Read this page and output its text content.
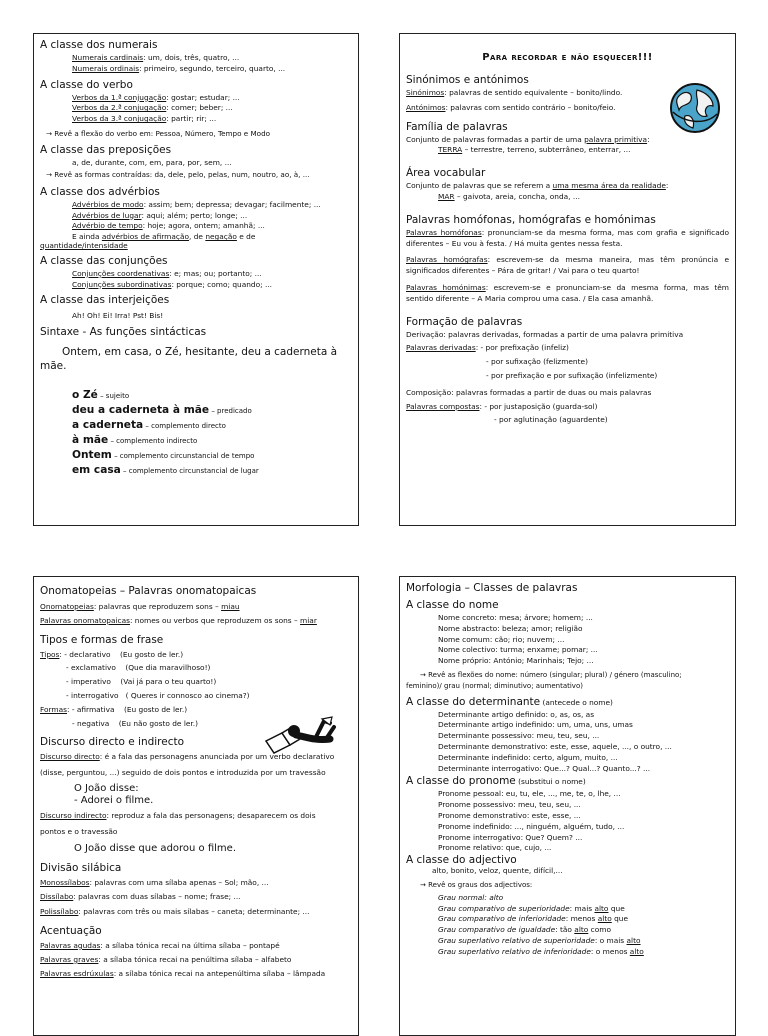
A classe dos numerais

Numerais cardinais: um, dois, três, quatro, ...

Numerais ordinais: primeiro, segundo, terceiro, quarto, ...

A classe do verbo

Verbos da 1.ª conjugação: gostar; estudar; ...

Verbos da 2.ª conjugação: comer; beber; ...

Verbos da 3.ª conjugação: partir; rir; ...

→ Revê a flexão do verbo em: Pessoa, Número, Tempo e Modo

A classe das preposições

a, de, durante, com, em, para, por, sem, ...

→ Revê as formas contraídas: da, dele, pelo, pelas, num, noutro, ao, à, ...

A classe dos advérbios

Advérbios de modo: assim; bem; depressa; devagar; facilmente; ...

Advérbios de lugar: aqui; além; perto; longe; ...

Advérbio de tempo: hoje; agora, ontem; amanhã; ...

E ainda advérbios de afirmação, de negação e de

quantidade/intensidade

A classe das conjunções

Conjunções coordenativas: e; mas; ou; portanto; ...

Conjunções subordinativas: porque; como; quando; ...

A classe das interjeições

Ah! Oh! Ei! Irra! Pst! Bis!

Sintaxe - As funções sintácticas

Ontem, em casa, o Zé, hesitante, deu a caderneta à mãe.

o Zé – sujeito

deu a caderneta à mãe – predicado

a caderneta – complemento directo

à mãe – complemento indirecto

Ontem – complemento circunstancial de tempo

em casa – complemento circunstancial de lugar

Para recordar e não esquecer!!!

Sinónimos e antónimos

Sinónimos: palavras de sentido equivalente – bonito/lindo.

Antónimos: palavras com sentido contrário – bonito/feio.

Família de palavras

Conjunto de palavras formadas a partir de uma palavra primitiva:

TERRA – terrestre, terreno, subterrâneo, enterrar, ...

Área vocabular

Conjunto de palavras que se referem a uma mesma área da realidade:

MAR – gaivota, areia, concha, onda, ...

Palavras homófonas, homógrafas e homónimas

Palavras homófonas: pronunciam-se da mesma forma, mas com grafia e significado diferentes – Eu vou à festa. / Há muita gentes nessa festa.

Palavras homógrafas: escrevem-se da mesma maneira, mas têm pronúncia e significados diferentes – Pára de gritar! / Vai para o teu quarto!

Palavras homónimas: escrevem-se e pronunciam-se da mesma forma, mas têm sentido diferente – A Maria comprou uma casa. / Ela casa amanhã.

Formação de palavras

Derivação: palavras derivadas, formadas a partir de uma palavra primitiva

Palavras derivadas: - por prefixação (infeliz)

- por sufixação (felizmente)

- por prefixação e por sufixação (infelizmente)

Composição: palavras formadas a partir de duas ou mais palavras

Palavras compostas: - por justaposição (guarda-sol)

- por aglutinação (aguardente)

Onomatopeias – Palavras onomatopaicas

Onomatopeias: palavras que reproduzem sons – miau

Palavras onomatopaicas: nomes ou verbos que reproduzem os sons – miar

Tipos e formas de frase

Tipos: - declarativo (Eu gosto de ler.)

- exclamativo (Que dia maravilhoso!)

- imperativo (Vai já para o teu quarto!)

- interrogativo ( Queres ir connosco ao cinema?)

Formas: - afirmativa (Eu gosto de ler.)

- negativa (Eu não gosto de ler.)

Discurso directo e indirecto

Discurso directo: é a fala das personagens anunciada por um verbo declarativo

(disse, perguntou, ...) seguido de dois pontos e introduzida por um travessão

O João disse:

- Adorei o filme.

Discurso indirecto: reproduz a fala das personagens; desaparecem os dois

pontos e o travessão

O João disse que adorou o filme.

Divisão silábica

Monossílabos: palavras com uma sílaba apenas – Sol; mão, ...

Dissílabo: palavras com duas sílabas – nome; frase; ...

Polissílabo: palavras com três ou mais sílabas – caneta; determinante; ...

Acentuação

Palavras agudas: a sílaba tónica recai na última sílaba – pontapé

Palavras graves: a sílaba tónica recai na penúltima sílaba – alfabeto

Palavras esdrúxulas: a sílaba tónica recai na antepenúltima sílaba – lâmpada

Morfologia – Classes de palavras

A classe do nome

Nome concreto: mesa; árvore; homem; ...

Nome abstracto: beleza; amor; religião

Nome comum: cão; rio; nuvem; ...

Nome colectivo: turma; enxame; pomar; ...

Nome próprio: António; Marinhais; Tejo; ...

→ Revê as flexões do nome: número (singular; plural) / género (masculino;

feminino)/ grau (normal; diminutivo; aumentativo)

A classe do determinante (antecede o nome)

Determinante artigo definido: o, as, os, as

Determinante artigo indefinido: um, uma, uns, umas

Determinante possessivo: meu, teu, seu, ...

Determinante demonstrativo: este, esse, aquele, ..., o outro, ...

Determinante indefinido: certo, algum, muito, ...

Determinante interrogativo: Que...? Qual...? Quanto...? ...

A classe do pronome (substitui o nome)

Pronome pessoal: eu, tu, ele, ..., me, te, o, lhe, ...

Pronome possessivo: meu, teu, seu, ...

Pronome demonstrativo: este, esse, ...

Pronome indefinido: ..., ninguém, alguém, tudo, ...

Pronome interrogativo: Que? Quem? ...

Pronome relativo: que, cujo, ...

A classe do adjectivo

alto, bonito, veloz, quente, difícil,...

→ Revê os graus dos adjectivos:

Grau normal: alto

Grau comparativo de superioridade: mais alto que

Grau comparativo de inferioridade: menos alto que

Grau comparativo de igualdade: tão alto como

Grau superlativo relativo de superioridade: o mais alto

Grau superlativo relativo de inferioridade: o menos alto
